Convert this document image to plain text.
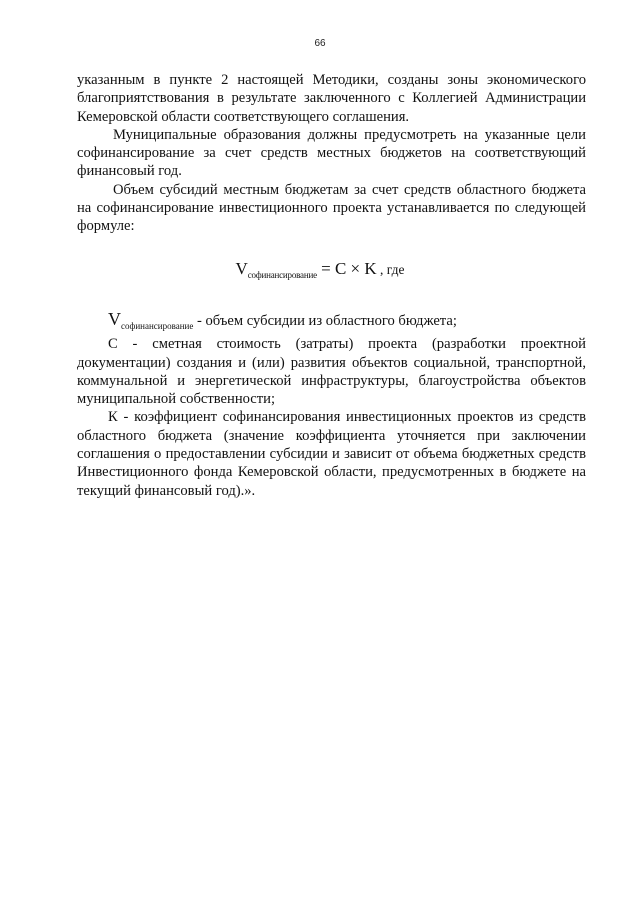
66

указанным в пункте 2 настоящей Методики, созданы зоны экономического благоприятствования в результате заключенного с Коллегией Администрации Кемеровской области соответствующего соглашения.

Муниципальные образования должны предусмотреть на указанные цели софинансирование за счет средств местных бюджетов на соответствующий финансовый год.

Объем субсидий местным бюджетам за счет средств областного бюджета на софинансирование инвестиционного проекта устанавливается по следующей формуле:

$V_{софинансирование} = C \times K$ , где

$V_{софинансирование}$ - объем субсидии из областного бюджета;

С - сметная стоимость (затраты) проекта (разработки проектной документации) создания и (или) развития объектов социальной, транспортной, коммунальной и энергетической инфраструктуры, благоустройства объектов муниципальной собственности;

К - коэффициент софинансирования инвестиционных проектов из средств областного бюджета (значение коэффициента уточняется при заключении соглашения о предоставлении субсидии и зависит от объема бюджетных средств Инвестиционного фонда Кемеровской области, предусмотренных в бюджете на текущий финансовый год).».
